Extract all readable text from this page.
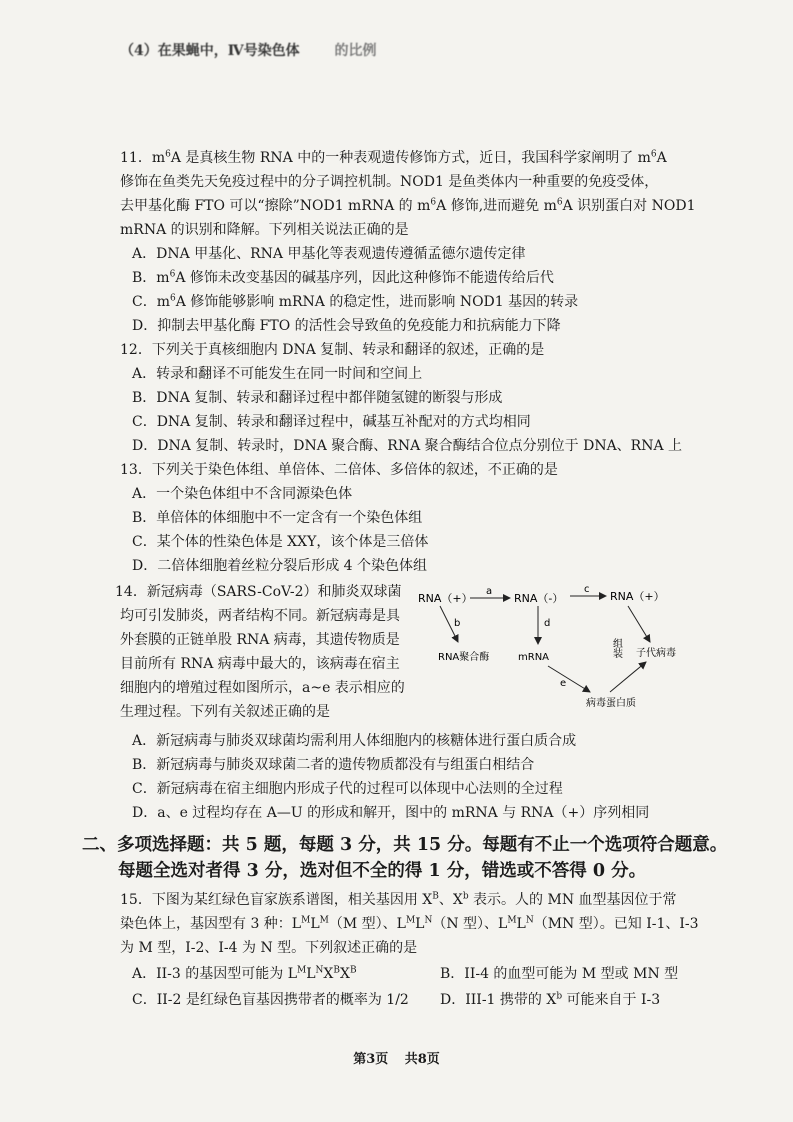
（4）在果蝇中，Ⅳ号染色体 的比例
11．$m^6A$ 是真核生物 RNA 中的一种表观遗传修饰方式，近日，我国科学家阐明了 $m^6A$
修饰在鱼类先天免疫过程中的分子调控机制。NOD1 是鱼类体内一种重要的免疫受体，
去甲基化酶 FTO 可以“擦除”NOD1 mRNA 的 $m^6A$ 修饰,进而避免 $m^6A$ 识别蛋白对 NOD1
mRNA 的识别和降解。下列相关说法正确的是
A．DNA 甲基化、RNA 甲基化等表观遗传遵循孟德尔遗传定律
B．$m^6A$ 修饰未改变基因的碱基序列，因此这种修饰不能遗传给后代
C．$m^6A$ 修饰能够影响 mRNA 的稳定性，进而影响 NOD1 基因的转录
D．抑制去甲基化酶 FTO 的活性会导致鱼的免疫能力和抗病能力下降
12．下列关于真核细胞内 DNA 复制、转录和翻译的叙述，正确的是
A．转录和翻译不可能发生在同一时间和空间上
B．DNA 复制、转录和翻译过程中都伴随氢键的断裂与形成
C．DNA 复制、转录和翻译过程中，碱基互补配对的方式均相同
D．DNA 复制、转录时，DNA 聚合酶、RNA 聚合酶结合位点分别位于 DNA、RNA 上
13．下列关于染色体组、单倍体、二倍体、多倍体的叙述，不正确的是
A．一个染色体组中不含同源染色体
B．单倍体的体细胞中不一定含有一个染色体组
C．某个体的性染色体是 XXY，该个体是三倍体
D．二倍体细胞着丝粒分裂后形成 4 个染色体组
14．新冠病毒（SARS-CoV-2）和肺炎双球菌
均可引发肺炎，两者结构不同。新冠病毒是具
外套膜的正链单股 RNA 病毒，其遗传物质是
目前所有 RNA 病毒中最大的，该病毒在宿主
细胞内的增殖过程如图所示，a~e 表示相应的
生理过程。下列有关叙述正确的是
RNA（+）	RNA（-）	RNA（+）
a	c
b
RNA聚合酶
d
mRNA	组装 子代病毒
e
病毒蛋白质
A．新冠病毒与肺炎双球菌均需利用人体细胞内的核糖体进行蛋白质合成
B．新冠病毒与肺炎双球菌二者的遗传物质都没有与组蛋白相结合
C．新冠病毒在宿主细胞内形成子代的过程可以体现中心法则的全过程
D．a、e 过程均存在 A—U 的形成和解开，图中的 mRNA 与 RNA（+）序列相同
二、多项选择题：共 5 题，每题 3 分，共 15 分。每题有不止一个选项符合题意。
每题全选对者得 3 分，选对但不全的得 1 分，错选或不答得 0 分。
15．下图为某红绿色盲家族系谱图，相关基因用 $X^B$、$X^b$ 表示。人的 MN 血型基因位于常
染色体上，基因型有 3 种：$L^ML^M(M$ 型）、$L^ML^N(N$ 型）、$L^ML^N(MN$ 型）。已知 I-1、I-3
为 M 型，I-2、I-4 为 N 型。下列叙述正确的是
A．II-3 的基因型可能为 $L^ML^NX^BX^B$	B．II-4 的血型可能为 M 型或 MN 型
C．II-2 是红绿色盲基因携带者的概率为 1/2 D．III-1 携带的 $X^b$ 可能来自于 I-3
第3页 共8页
